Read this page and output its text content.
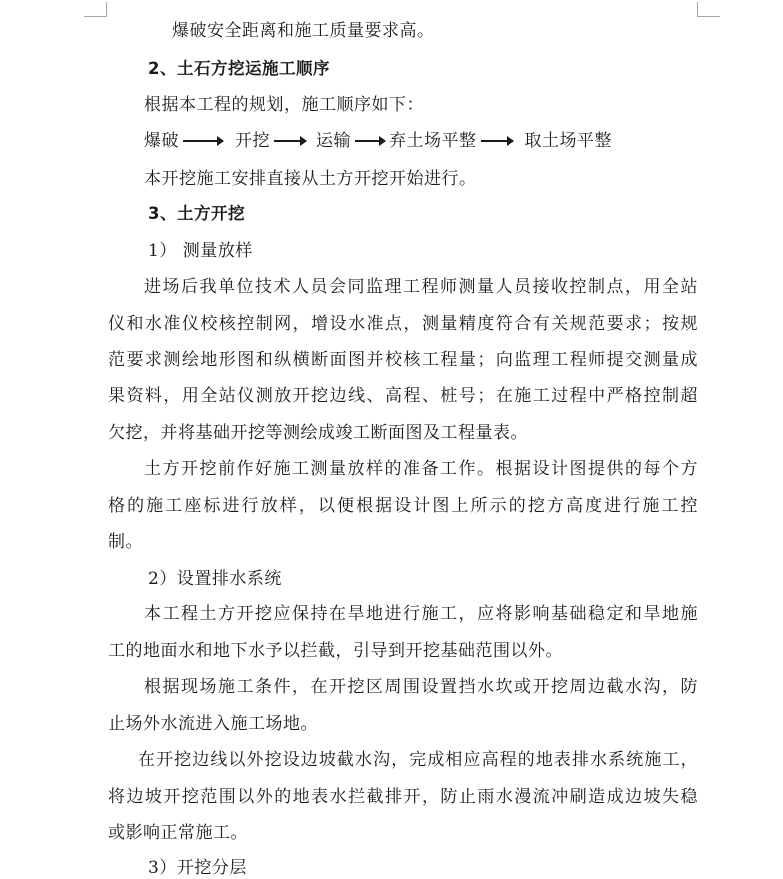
爆破安全距离和施工质量要求高。
2、土石方挖运施工顺序
根据本工程的规划，施工顺序如下：
爆破	开挖	运输 弃土场平整	取土场平整
本开挖施工安排直接从土方开挖开始进行。
3、土方开挖
1） 测量放样
进场后我单位技术人员会同监理工程师测量人员接收控制点，用全站
仪和水准仪校核控制网，增设水准点，测量精度符合有关规范要求；按规
范要求测绘地形图和纵横断面图并校核工程量；向监理工程师提交测量成
果资料，用全站仪测放开挖边线、高程、桩号；在施工过程中严格控制超
欠挖，并将基础开挖等测绘成竣工断面图及工程量表。
土方开挖前作好施工测量放样的准备工作。根据设计图提供的每个方
格的施工座标进行放样，以便根据设计图上所示的挖方高度进行施工控
制。
2）设置排水系统
本工程土方开挖应保持在旱地进行施工，应将影响基础稳定和旱地施
工的地面水和地下水予以拦截，引导到开挖基础范围以外。
根据现场施工条件，在开挖区周围设置挡水坎或开挖周边截水沟，防
止场外水流进入施工场地。
在开挖边线以外挖设边坡截水沟，完成相应高程的地表排水系统施工，
将边坡开挖范围以外的地表水拦截排开，防止雨水漫流冲刷造成边坡失稳
或影响正常施工。
3）开挖分层
